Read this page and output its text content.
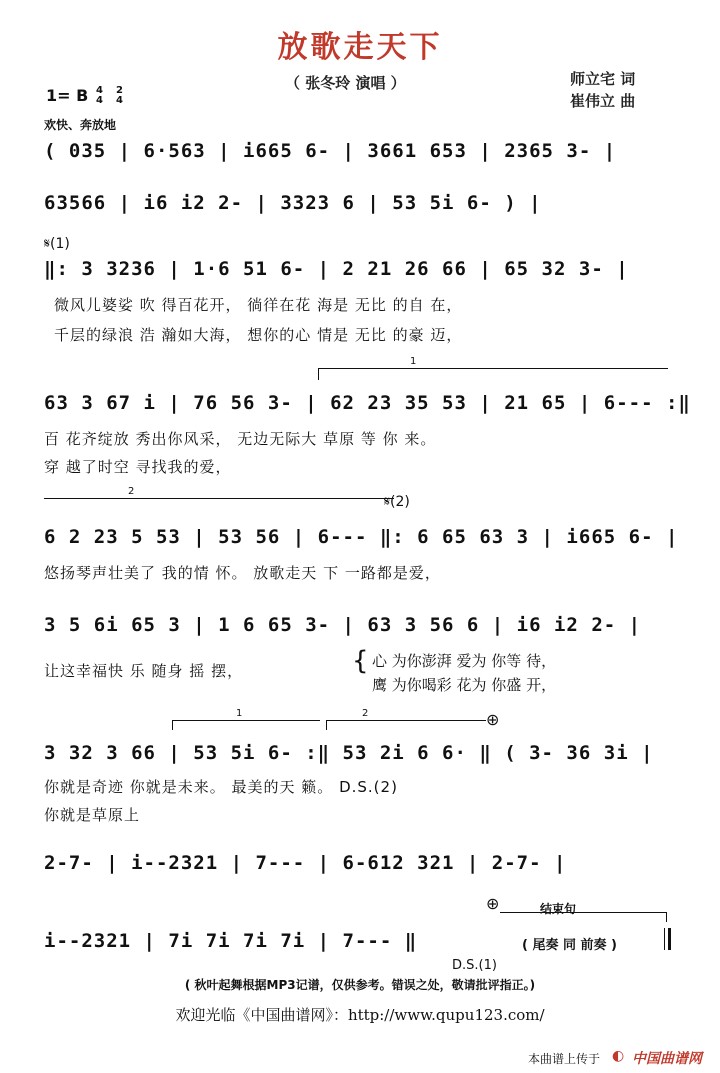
放歌走天下
（ 张冬玲 演唱 ）	师立宅 词
崔伟立 曲
1= B 4
4
2
4
欢快、奔放地
( 035 | 6·563 | i665 6- | 3661 653 | 2365 3- |
63566 | i6 i2 2- | 3323 6 | 53 5i 6- ) |
𝄋(1)
‖: 3 3236 | 1·6 51 6- | 2 21 26 66 | 65 32 3- |
微风儿婆娑 吹 得百花开， 徜徉在花 海是 无比 的自 在，
千层的绿浪 浩 瀚如大海， 想你的心 情是 无比 的豪 迈，
1
63 3 67 i | 76 56 3- | 62 23 35 53 | 21 65 | 6--- :‖
百 花齐绽放 秀出你风采， 无边无际大 草原 等 你 来。
穿 越了时空 寻找我的爱，
2
𝄋(2)
6 2 23 5 53 | 53 56 | 6--- ‖: 6 65 63 3 | i665 6- |
悠扬琴声壮美了 我的情 怀。 放歌走天 下 一路都是爱，
3 5 6i 65 3 | 1 6 65 3- | 63 3 56 6 | i6 i2 2- |
让这幸福快 乐 随身 摇 摆，	{ 心 为你澎湃 爱为 你等 待，
鹰 为你喝彩 花为 你盛 开，
1	2	⊕
3 32 3 66 | 53 5i 6- :‖ 53 2i 6 6· ‖ ( 3- 36 3i |
你就是奇迹 你就是未来。 最美的天 籁。 D.S.(2)
你就是草原上
2-7- | i--2321 | 7--- | 6-612 321 | 2-7- |
⊕	结束句
i--2321 | 7i 7i 7i 7i | 7--- ‖	( 尾奏 同 前奏 )
D.S.(1)
( 秋叶起舞根据MP3记谱，仅供参考。错误之处，敬请批评指正。)
欢迎光临《中国曲谱网》：http://www.qupu123.com/
本曲谱上传于 ◐ 中国曲谱网
